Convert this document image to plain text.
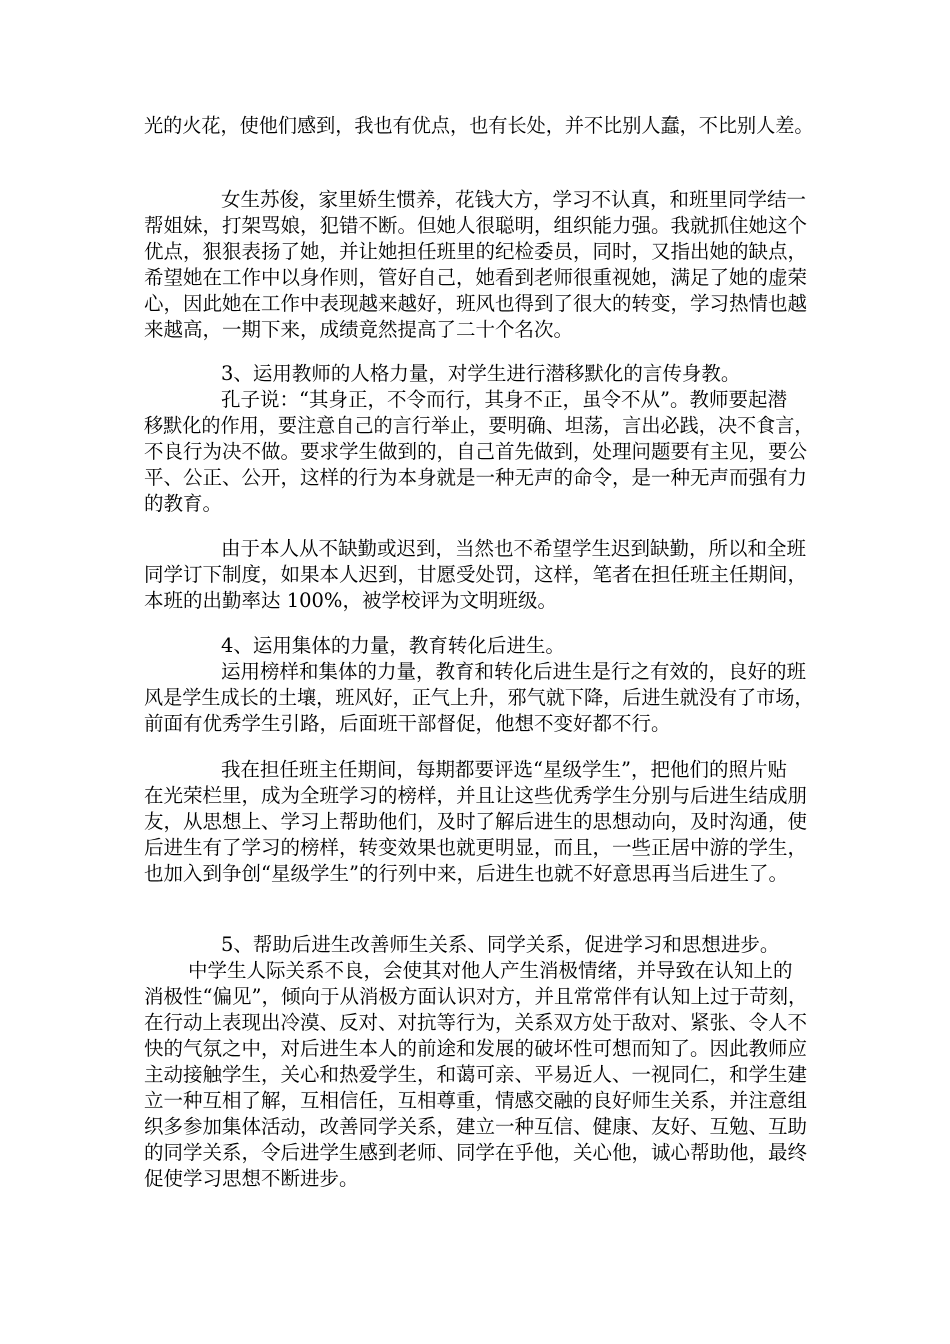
光的火花，使他们感到，我也有优点，也有长处，并不比别人蠢，不比别人差。
女生苏俊，家里娇生惯养，花钱大方，学习不认真，和班里同学结一
帮姐妹，打架骂娘，犯错不断。但她人很聪明，组织能力强。我就抓住她这个
优点，狠狠表扬了她，并让她担任班里的纪检委员，同时，又指出她的缺点，
希望她在工作中以身作则，管好自己，她看到老师很重视她，满足了她的虚荣
心，因此她在工作中表现越来越好，班风也得到了很大的转变，学习热情也越
来越高，一期下来，成绩竟然提高了二十个名次。
3、运用教师的人格力量，对学生进行潜移默化的言传身教。
孔子说：“其身正，不令而行，其身不正，虽令不从”。教师要起潜
移默化的作用，要注意自己的言行举止，要明确、坦荡，言出必践，决不食言，
不良行为决不做。要求学生做到的，自己首先做到，处理问题要有主见，要公
平、公正、公开，这样的行为本身就是一种无声的命令，是一种无声而强有力
的教育。
由于本人从不缺勤或迟到，当然也不希望学生迟到缺勤，所以和全班
同学订下制度，如果本人迟到，甘愿受处罚，这样，笔者在担任班主任期间，
本班的出勤率达 100%，被学校评为文明班级。
4、运用集体的力量，教育转化后进生。
运用榜样和集体的力量，教育和转化后进生是行之有效的，良好的班
风是学生成长的土壤，班风好，正气上升，邪气就下降，后进生就没有了市场，
前面有优秀学生引路，后面班干部督促，他想不变好都不行。
我在担任班主任期间，每期都要评选“星级学生”，把他们的照片贴
在光荣栏里，成为全班学习的榜样，并且让这些优秀学生分别与后进生结成朋
友，从思想上、学习上帮助他们，及时了解后进生的思想动向，及时沟通，使
后进生有了学习的榜样，转变效果也就更明显，而且，一些正居中游的学生，
也加入到争创“星级学生”的行列中来，后进生也就不好意思再当后进生了。
5、帮助后进生改善师生关系、同学关系，促进学习和思想进步。
中学生人际关系不良，会使其对他人产生消极情绪，并导致在认知上的
消极性“偏见”，倾向于从消极方面认识对方，并且常常伴有认知上过于苛刻，
在行动上表现出冷漠、反对、对抗等行为，关系双方处于敌对、紧张、令人不
快的气氛之中，对后进生本人的前途和发展的破坏性可想而知了。因此教师应
主动接触学生，关心和热爱学生，和蔼可亲、平易近人、一视同仁，和学生建
立一种互相了解，互相信任，互相尊重，情感交融的良好师生关系，并注意组
织多参加集体活动，改善同学关系，建立一种互信、健康、友好、互勉、互助
的同学关系，令后进学生感到老师、同学在乎他，关心他，诚心帮助他，最终
促使学习思想不断进步。
